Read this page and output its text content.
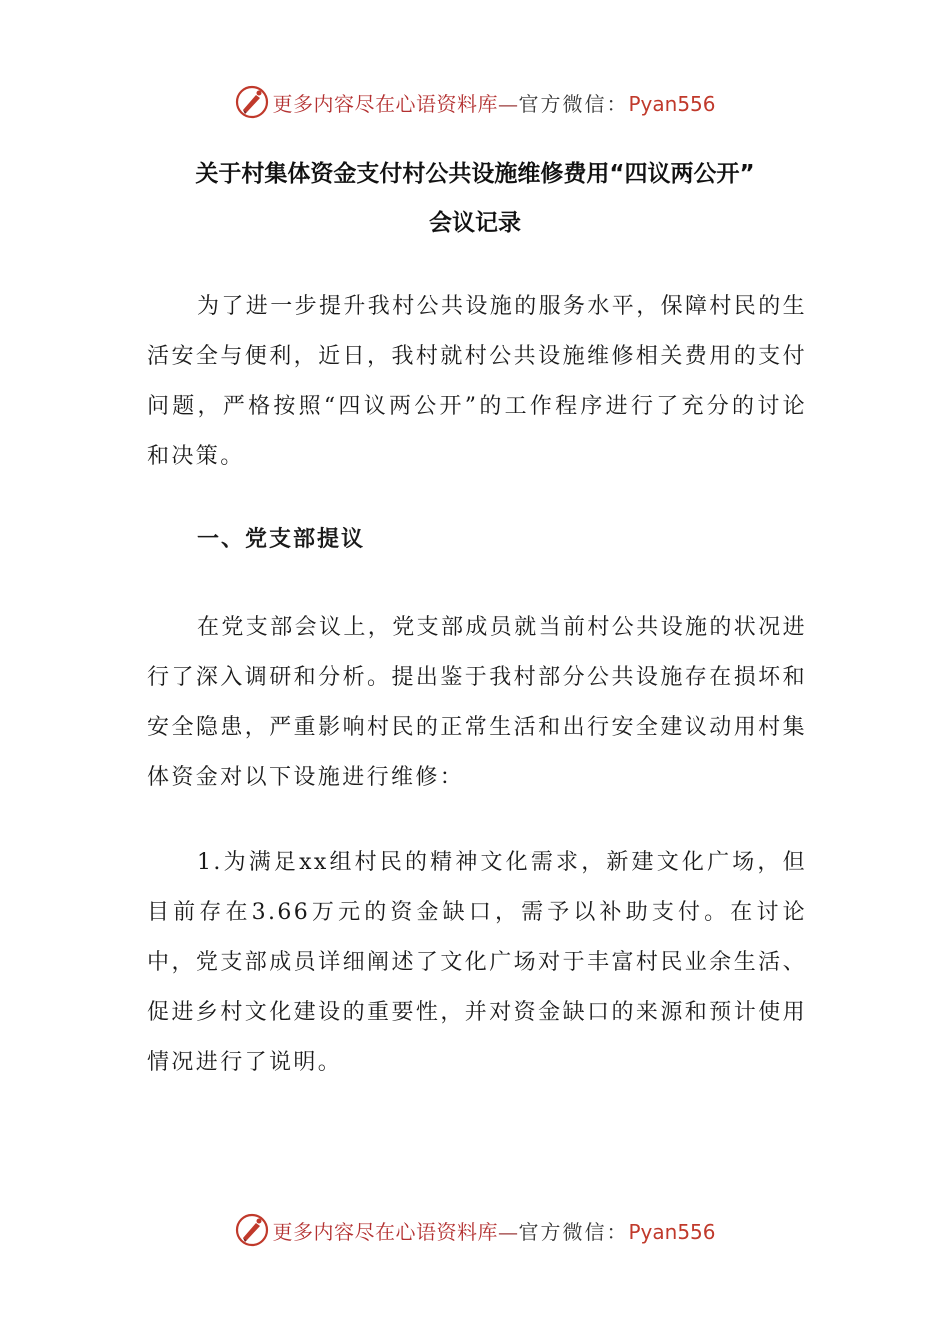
更多内容尽在心语资料库—官方微信：Pyan556
关于村集体资金支付村公共设施维修费用“四议两公开”
会议记录

为了进一步提升我村公共设施的服务水平，保障村民的生活安全与便利，近日，我村就村公共设施维修相关费用的支付问题，严格按照“四议两公开”的工作程序进行了充分的讨论和决策。

一、党支部提议

在党支部会议上，党支部成员就当前村公共设施的状况进行了深入调研和分析。提出鉴于我村部分公共设施存在损坏和安全隐患，严重影响村民的正常生活和出行安全建议动用村集体资金对以下设施进行维修：

1.为满足xx组村民的精神文化需求，新建文化广场，但目前存在3.66万元的资金缺口，需予以补助支付。在讨论中，党支部成员详细阐述了文化广场对于丰富村民业余生活、促进乡村文化建设的重要性，并对资金缺口的来源和预计使用情况进行了说明。

更多内容尽在心语资料库—官方微信：Pyan556
